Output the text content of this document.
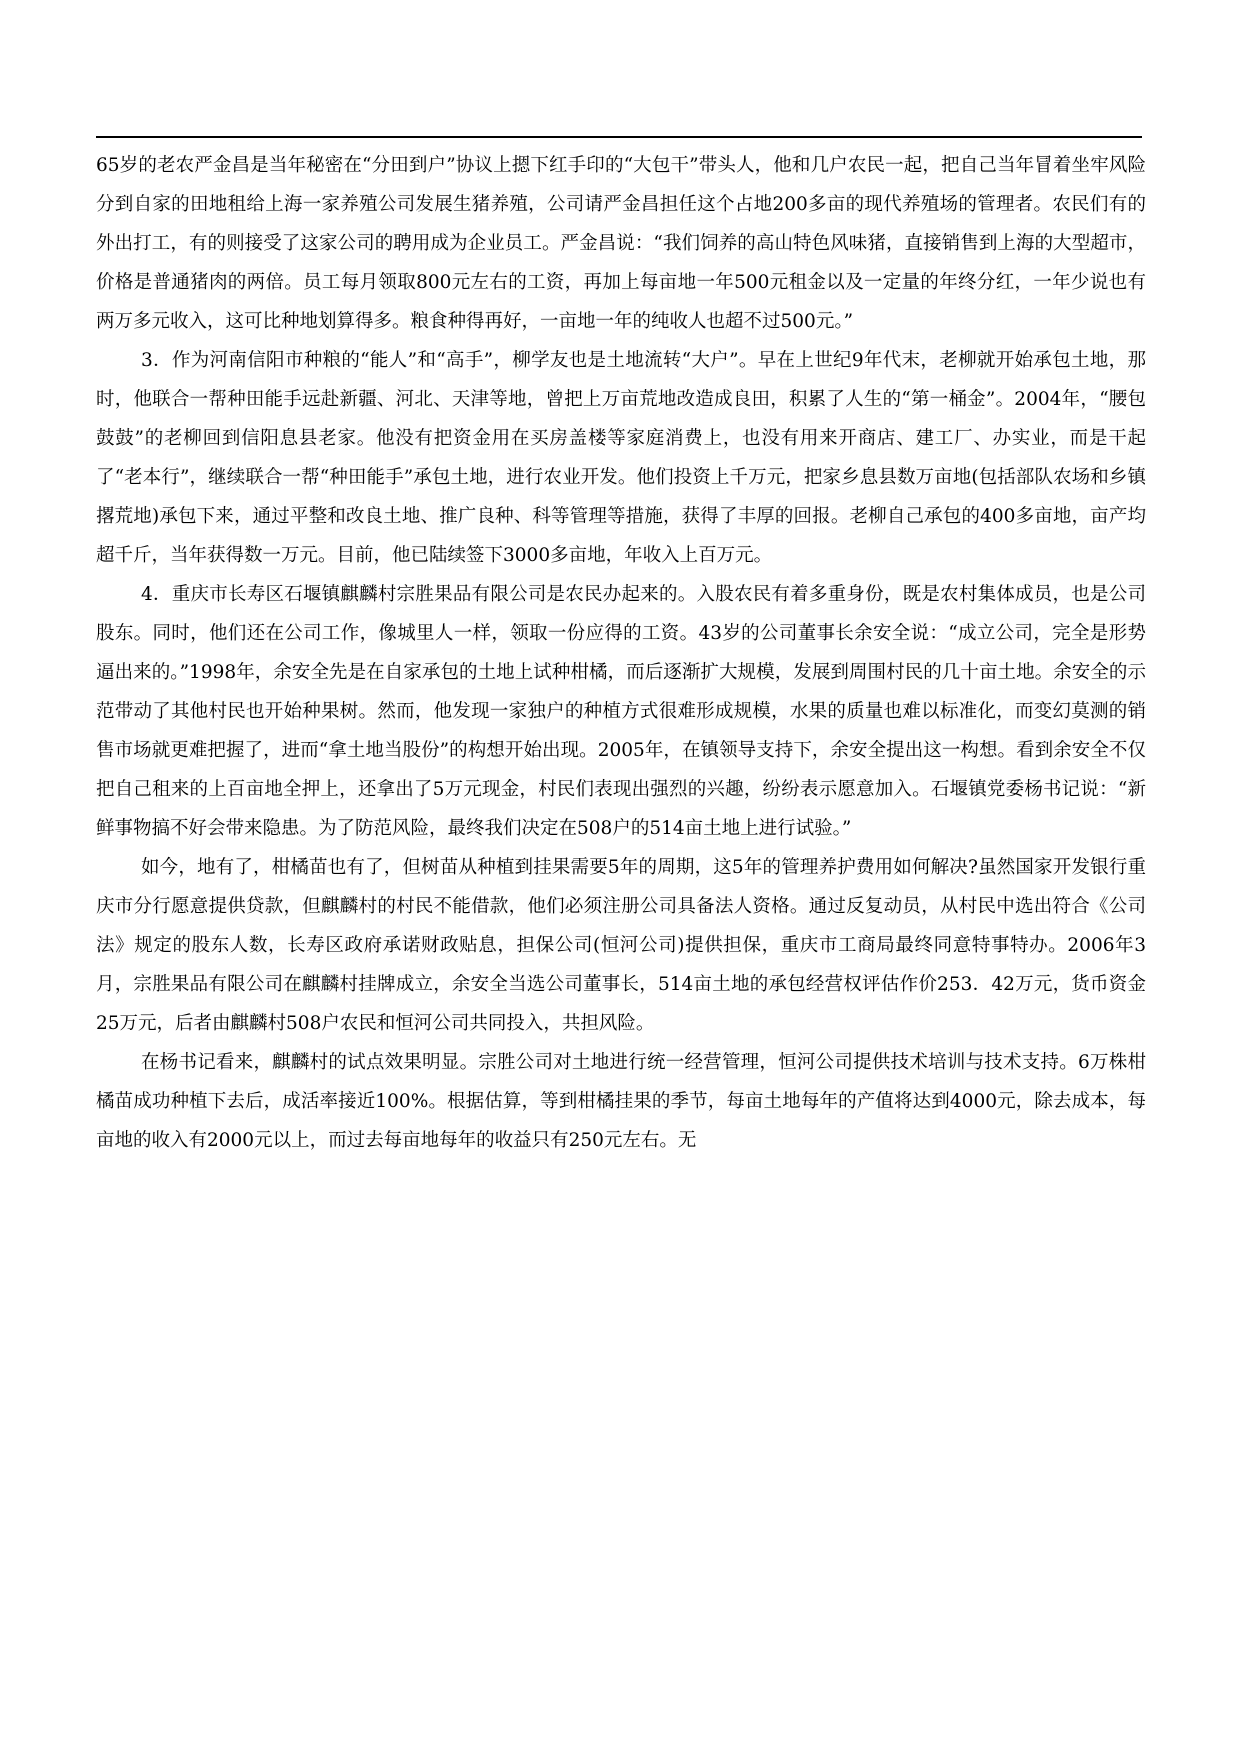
65岁的老农严金昌是当年秘密在“分田到户”协议上摁下红手印的“大包干”带头人，他和几户农民一起，把自己当年冒着坐牢风险分到自家的田地租给上海一家养殖公司发展生猪养殖，公司请严金昌担任这个占地200多亩的现代养殖场的管理者。农民们有的外出打工，有的则接受了这家公司的聘用成为企业员工。严金昌说：“我们饲养的高山特色风味猪，直接销售到上海的大型超市，价格是普通猪肉的两倍。员工每月领取800元左右的工资，再加上每亩地一年500元租金以及一定量的年终分红，一年少说也有两万多元收入，这可比种地划算得多。粮食种得再好，一亩地一年的纯收人也超不过500元。”

3．作为河南信阳市种粮的“能人”和“高手”，柳学友也是土地流转“大户”。早在上世纪9年代末，老柳就开始承包土地，那时，他联合一帮种田能手远赴新疆、河北、天津等地，曾把上万亩荒地改造成良田，积累了人生的“第一桶金”。2004年，“腰包鼓鼓”的老柳回到信阳息县老家。他没有把资金用在买房盖楼等家庭消费上，也没有用来开商店、建工厂、办实业，而是干起了“老本行”，继续联合一帮“种田能手”承包土地，进行农业开发。他们投资上千万元，把家乡息县数万亩地(包括部队农场和乡镇撂荒地)承包下来，通过平整和改良土地、推广良种、科等管理等措施，获得了丰厚的回报。老柳自己承包的400多亩地，亩产均超千斤，当年获得数一万元。目前，他已陆续签下3000多亩地，年收入上百万元。

4．重庆市长寿区石堰镇麒麟村宗胜果品有限公司是农民办起来的。入股农民有着多重身份，既是农村集体成员，也是公司股东。同时，他们还在公司工作，像城里人一样，领取一份应得的工资。43岁的公司董事长余安全说：“成立公司，完全是形势逼出来的。”1998年，余安全先是在自家承包的土地上试种柑橘，而后逐渐扩大规模，发展到周围村民的几十亩土地。余安全的示范带动了其他村民也开始种果树。然而，他发现一家独户的种植方式很难形成规模，水果的质量也难以标准化，而变幻莫测的销售市场就更难把握了，进而“拿土地当股份”的构想开始出现。2005年，在镇领导支持下，余安全提出这一构想。看到余安全不仅把自己租来的上百亩地全押上，还拿出了5万元现金，村民们表现出强烈的兴趣，纷纷表示愿意加入。石堰镇党委杨书记说：“新鲜事物搞不好会带来隐患。为了防范风险，最终我们决定在508户的514亩土地上进行试验。”

如今，地有了，柑橘苗也有了，但树苗从种植到挂果需要5年的周期，这5年的管理养护费用如何解决?虽然国家开发银行重庆市分行愿意提供贷款，但麒麟村的村民不能借款，他们必须注册公司具备法人资格。通过反复动员，从村民中选出符合《公司法》规定的股东人数，长寿区政府承诺财政贴息，担保公司(恒河公司)提供担保，重庆市工商局最终同意特事特办。2006年3月，宗胜果品有限公司在麒麟村挂牌成立，余安全当选公司董事长，514亩土地的承包经营权评估作价253．42万元，货币资金25万元，后者由麒麟村508户农民和恒河公司共同投入，共担风险。

在杨书记看来，麒麟村的试点效果明显。宗胜公司对土地进行统一经营管理，恒河公司提供技术培训与技术支持。6万株柑橘苗成功种植下去后，成活率接近100%。根据估算，等到柑橘挂果的季节，每亩土地每年的产值将达到4000元，除去成本，每亩地的收入有2000元以上，而过去每亩地每年的收益只有250元左右。无
